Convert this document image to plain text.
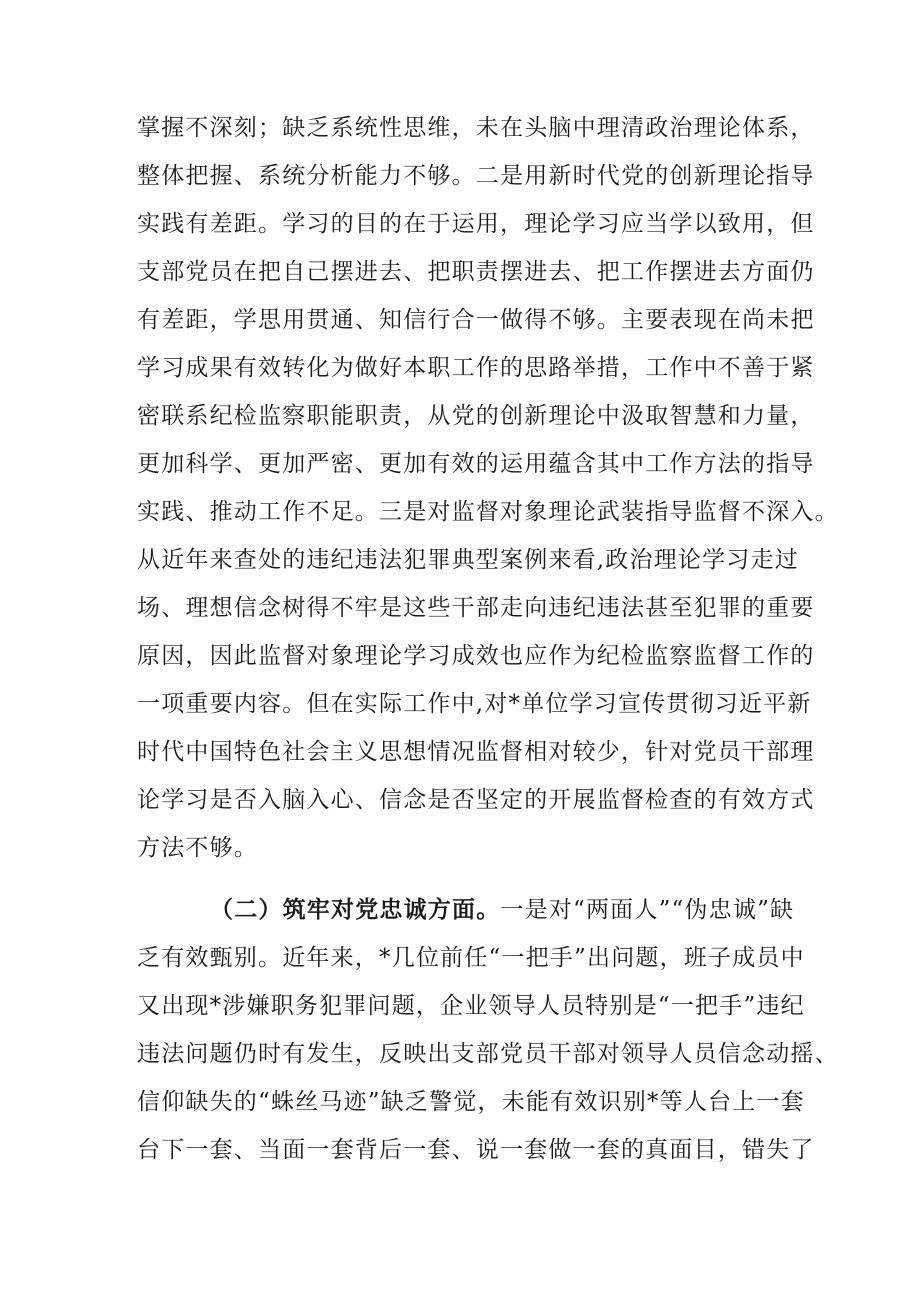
掌握不深刻；缺乏系统性思维，未在头脑中理清政治理论体系，
整体把握、系统分析能力不够。二是用新时代党的创新理论指导
实践有差距。学习的目的在于运用，理论学习应当学以致用，但
支部党员在把自己摆进去、把职责摆进去、把工作摆进去方面仍
有差距，学思用贯通、知信行合一做得不够。主要表现在尚未把
学习成果有效转化为做好本职工作的思路举措，工作中不善于紧
密联系纪检监察职能职责，从党的创新理论中汲取智慧和力量，
更加科学、更加严密、更加有效的运用蕴含其中工作方法的指导
实践、推动工作不足。三是对监督对象理论武装指导监督不深入。
从近年来查处的违纪违法犯罪典型案例来看,政治理论学习走过
场、理想信念树得不牢是这些干部走向违纪违法甚至犯罪的重要
原因，因此监督对象理论学习成效也应作为纪检监察监督工作的
一项重要内容。但在实际工作中,对*单位学习宣传贯彻习近平新
时代中国特色社会主义思想情况监督相对较少，针对党员干部理
论学习是否入脑入心、信念是否坚定的开展监督检查的有效方式
方法不够。
（二）筑牢对党忠诚方面。一是对“两面人”“伪忠诚”缺
乏有效甄别。近年来，*几位前任“一把手”出问题，班子成员中
又出现*涉嫌职务犯罪问题，企业领导人员特别是“一把手”违纪
违法问题仍时有发生，反映出支部党员干部对领导人员信念动摇、
信仰缺失的“蛛丝马迹”缺乏警觉，未能有效识别*等人台上一套
台下一套、当面一套背后一套、说一套做一套的真面目，错失了
